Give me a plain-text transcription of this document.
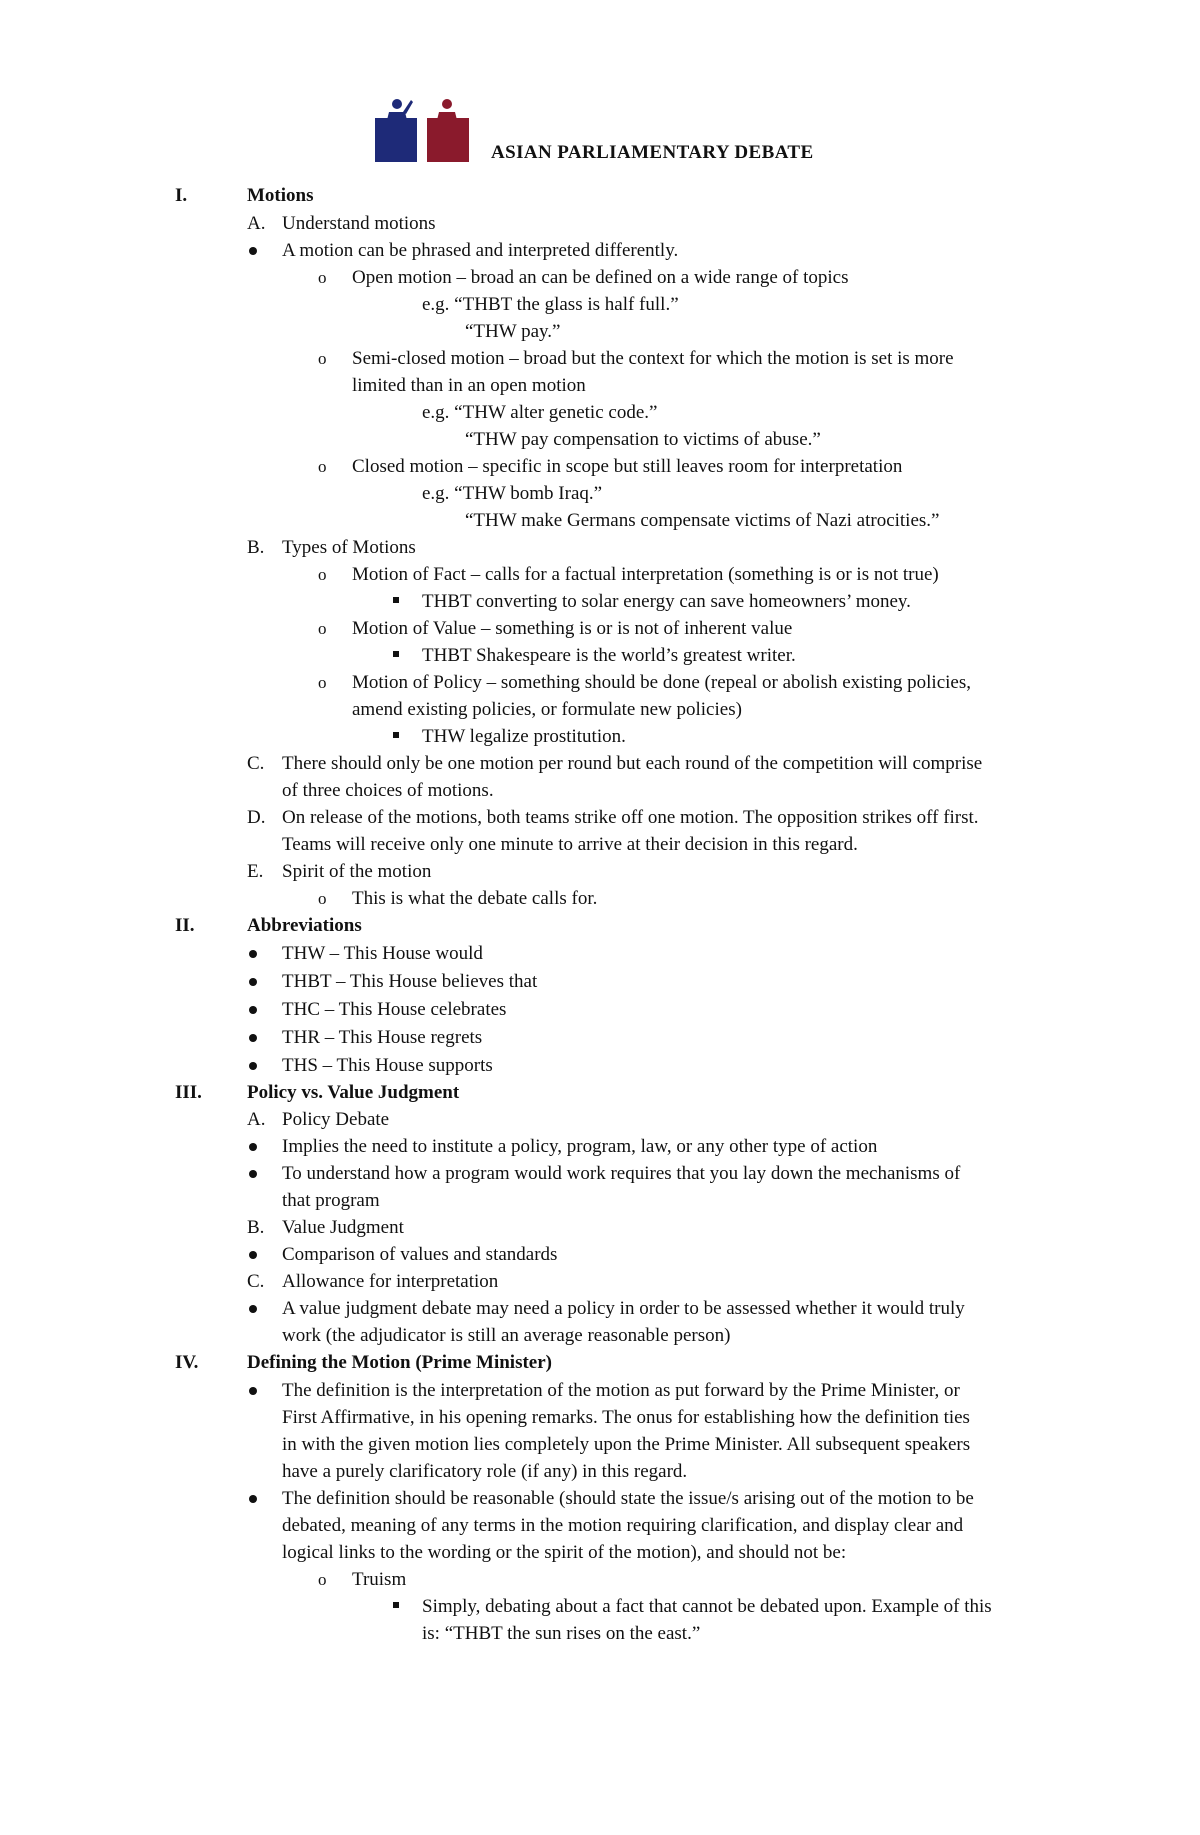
ASIAN PARLIAMENTARY DEBATE
I.	Motions
A. Understand motions
A motion can be phrased and interpreted differently.
o Open motion – broad an can be defined on a wide range of topics
e.g. “THBT the glass is half full.”
“THW pay.”
o Semi-closed motion – broad but the context for which the motion is set is more
limited than in an open motion
e.g. “THW alter genetic code.”
“THW pay compensation to victims of abuse.”
o Closed motion – specific in scope but still leaves room for interpretation
e.g. “THW bomb Iraq.”
“THW make Germans compensate victims of Nazi atrocities.”
B. Types of Motions
o Motion of Fact – calls for a factual interpretation (something is or is not true)
THBT converting to solar energy can save homeowners’ money.
o Motion of Value – something is or is not of inherent value
THBT Shakespeare is the world’s greatest writer.
o Motion of Policy – something should be done (repeal or abolish existing policies,
amend existing policies, or formulate new policies)
THW legalize prostitution.
C. There should only be one motion per round but each round of the competition will comprise
of three choices of motions.
D. On release of the motions, both teams strike off one motion. The opposition strikes off first.
Teams will receive only one minute to arrive at their decision in this regard.
E. Spirit of the motion
o This is what the debate calls for.
II.	Abbreviations
THW – This House would
THBT – This House believes that
THC – This House celebrates
THR – This House regrets
THS – This House supports
III. Policy vs. Value Judgment
A. Policy Debate
Implies the need to institute a policy, program, law, or any other type of action
To understand how a program would work requires that you lay down the mechanisms of
that program
B. Value Judgment
Comparison of values and standards
C. Allowance for interpretation
A value judgment debate may need a policy in order to be assessed whether it would truly
work (the adjudicator is still an average reasonable person)
IV.	Defining the Motion (Prime Minister)
The definition is the interpretation of the motion as put forward by the Prime Minister, or
First Affirmative, in his opening remarks. The onus for establishing how the definition ties
in with the given motion lies completely upon the Prime Minister. All subsequent speakers
have a purely clarificatory role (if any) in this regard.
The definition should be reasonable (should state the issue/s arising out of the motion to be
debated, meaning of any terms in the motion requiring clarification, and display clear and
logical links to the wording or the spirit of the motion), and should not be:
o Truism
Simply, debating about a fact that cannot be debated upon. Example of this
is: “THBT the sun rises on the east.”
